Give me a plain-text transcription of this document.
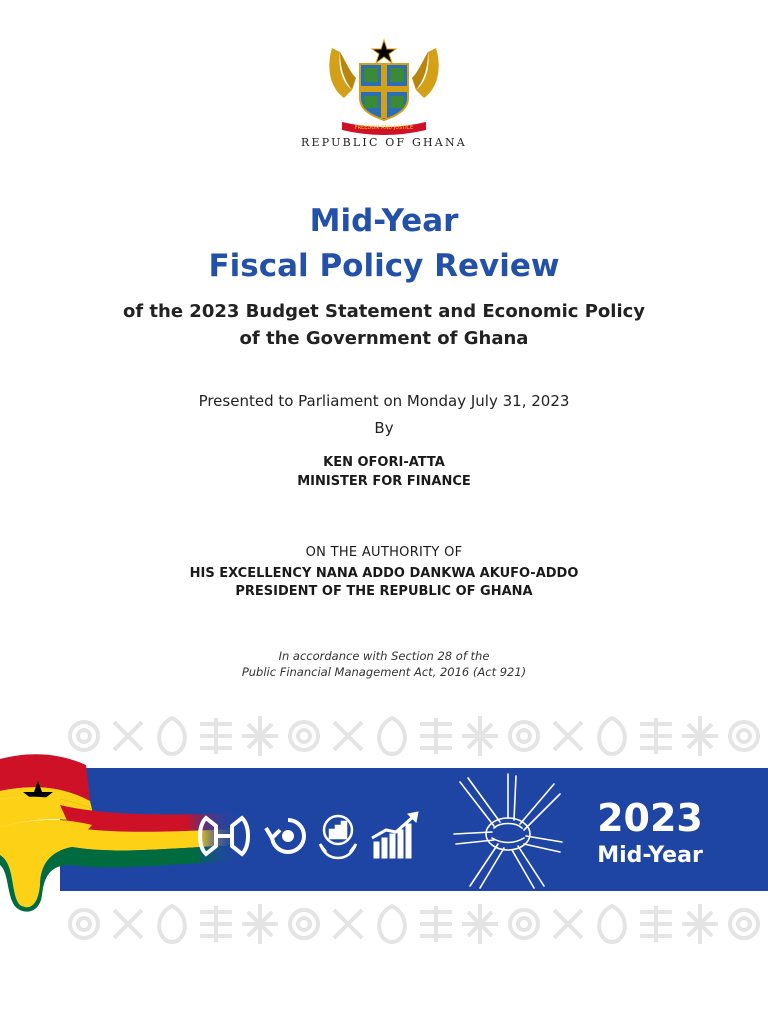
FREEDOM AND JUSTICE
REPUBLIC OF GHANA
Mid-Year
Fiscal Policy Review
of the 2023 Budget Statement and Economic Policy
of the Government of Ghana
Presented to Parliament on Monday July 31, 2023
By
KEN OFORI-ATTA
MINISTER FOR FINANCE
ON THE AUTHORITY OF
HIS EXCELLENCY NANA ADDO DANKWA AKUFO-ADDO
PRESIDENT OF THE REPUBLIC OF GHANA
In accordance with Section 28 of the
Public Financial Management Act, 2016 (Act 921)
2023
Mid-Year
